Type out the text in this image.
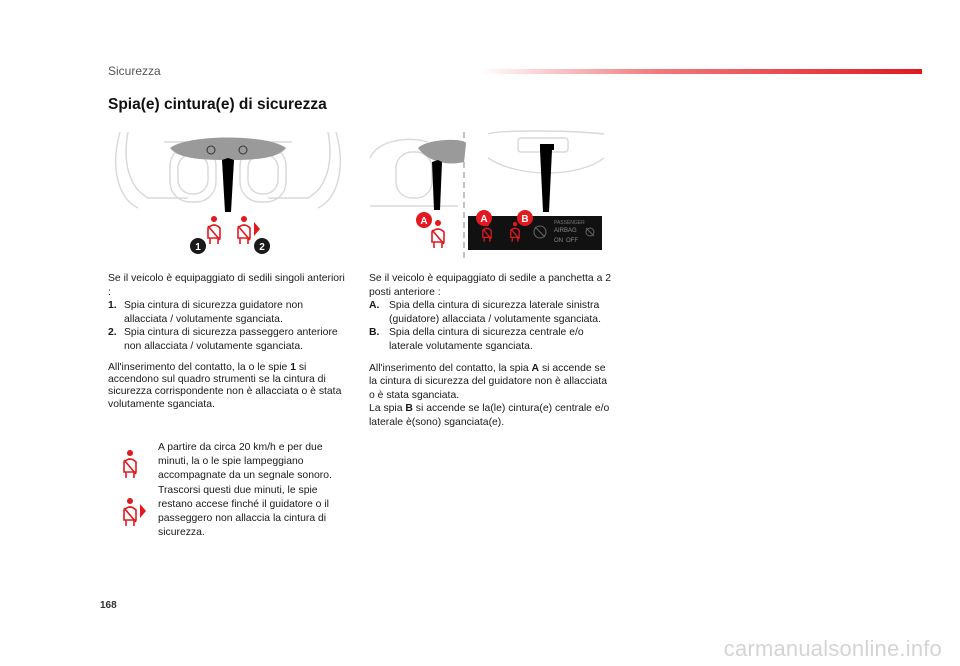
Sicurezza
Spia(e) cintura(e) di sicurezza
1	2
A	PASSENGER
AIRBAG
ON OFF
A	B

Se il veicolo è equipaggiato di sedili singoli anteriori :

1. Spia cintura di sicurezza guidatore non allacciata / volutamente sganciata.
2. Spia cintura di sicurezza passeggero anteriore non allacciata / volutamente sganciata.

All'inserimento del contatto, la o le spie 1 si accendono sul quadro strumenti se la cintura di sicurezza corrispondente non è allacciata o è stata volutamente sganciata.

A partire da circa 20 km/h e per due minuti, la o le spie lampeggiano accompagnate da un segnale sonoro. Trascorsi questi due minuti, le spie restano accese finché il guidatore o il passeggero non allaccia la cintura di sicurezza.

Se il veicolo è equipaggiato di sedile a panchetta a 2 posti anteriore :

A. Spia della cintura di sicurezza laterale sinistra (guidatore) allacciata / volutamente sganciata.
B. Spia della cintura di sicurezza centrale e/o laterale volutamente sganciata.

All'inserimento del contatto, la spia A si accende se la cintura di sicurezza del guidatore non è allacciata o è stata sganciata.

La spia B si accende se la(le) cintura(e) centrale e/o laterale è(sono) sganciata(e).

168
carmanualsonline.info
